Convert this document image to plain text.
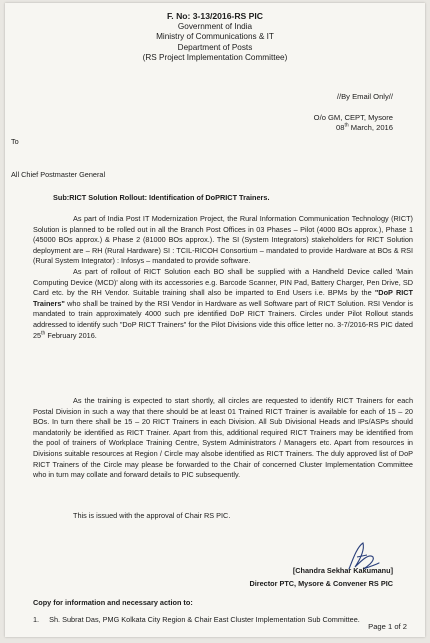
F. No: 3-13/2016-RS PIC
Government of India
Ministry of Communications & IT
Department of Posts
(RS Project Implementation Committee)
//By Email Only//
O/o GM, CEPT, Mysore
08th March, 2016
To
All Chief Postmaster General
Sub:RICT Solution Rollout: Identification of DoPRICT Trainers.
As part of India Post IT Modernization Project, the Rural Information Communication Technology (RICT) Solution is planned to be rolled out in all the Branch Post Offices in 03 Phases – Pilot (4000 BOs approx.), Phase 1 (45000 BOs approx.) & Phase 2 (81000 BOs approx.). The SI (System Integrators) stakeholders for RICT Solution deployment are – RH (Rural Hardware) SI : TCIL-RICOH Consortium – mandated to provide Hardware at BOs & RSI (Rural System Integrator) : Infosys – mandated to provide software.
As part of rollout of RICT Solution each BO shall be supplied with a Handheld Device called 'Main Computing Device (MCD)' along with its accessories e.g. Barcode Scanner, PIN Pad, Battery Charger, Pen Drive, SD Card etc. by the RH Vendor. Suitable training shall also be imparted to End Users i.e. BPMs by the "DoP RICT Trainers" who shall be trained by the RSI Vendor in Hardware as well Software part of RICT Solution. RSI Vendor is mandated to train approximately 4000 such pre identified DoP RICT Trainers. Circles under Pilot Rollout stands addressed to identify such "DoP RICT Trainers" for the Pilot Divisions vide this office letter no. 3-7/2016-RS PIC dated 25th February 2016.
As the training is expected to start shortly, all circles are requested to identify RICT Trainers for each Postal Division in such a way that there should be at least 01 Trained RICT Trainer is available for each of 15 – 20 BOs. In turn there shall be 15 – 20 RICT Trainers in each Division. All Sub Divisional Heads and IPs/ASPs should mandatorily be identified as RICT Trainer. Apart from this, additional required RICT Trainers may be identified from the pool of trainers of Workplace Training Centre, System Administrators / Managers etc. Apart from resources in Divisions suitable resources at Region / Circle may alsobe identified as RICT Trainers. The duly approved list of DoP RICT Trainers of the Circle may please be forwarded to the Chair of concerned Cluster Implementation Committee who in turn may collate and forward details to PIC subsequently.
This is issued with the approval of Chair RS PIC.
[Chandra Sekhar Kakumanu]
Director PTC, Mysore & Convener RS PIC
Copy for information and necessary action to:
1. Sh. Subrat Das, PMG Kolkata City Region & Chair East Cluster Implementation Sub Committee.
Page 1 of 2
